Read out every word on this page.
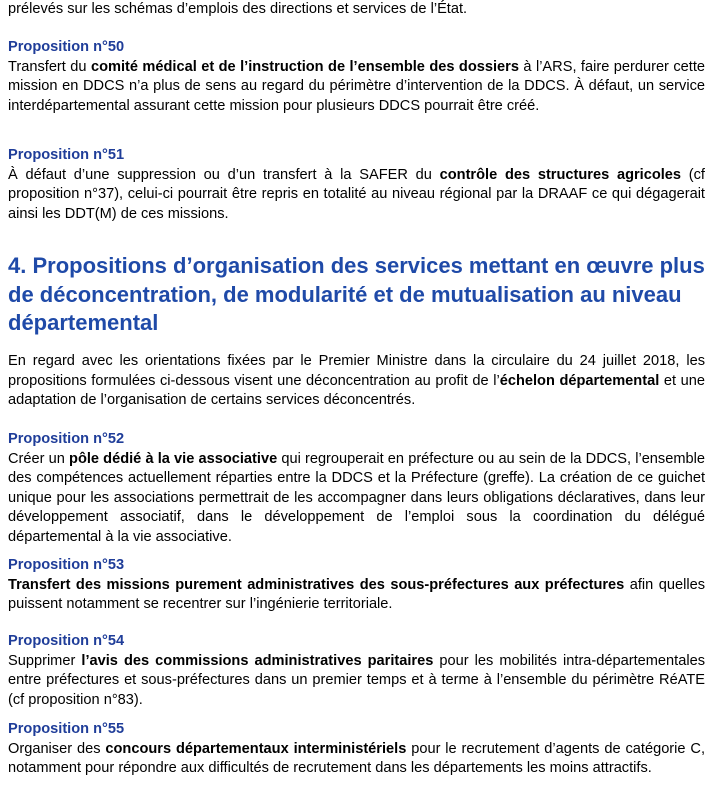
prélevés sur les schémas d’emplois des directions et services de l’État.

Proposition n°50

Transfert du comité médical et de l’instruction de l’ensemble des dossiers à l’ARS, faire perdurer cette mission en DDCS n’a plus de sens au regard du périmètre d’intervention de la DDCS. À défaut, un service interdépartemental assurant cette mission pour plusieurs DDCS pourrait être créé.

Proposition n°51

À défaut d’une suppression ou d’un transfert à la SAFER du contrôle des structures agricoles (cf proposition n°37), celui-ci pourrait être repris en totalité au niveau régional par la DRAAF ce qui dégagerait ainsi les DDT(M) de ces missions.

4. Propositions d’organisation des services mettant en œuvre plus de déconcentration, de modularité et de mutualisation au niveau départemental

En regard avec les orientations fixées par le Premier Ministre dans la circulaire du 24 juillet 2018, les propositions formulées ci-dessous visent une déconcentration au profit de l’échelon départemental et une adaptation de l’organisation de certains services déconcentrés.

Proposition n°52

Créer un pôle dédié à la vie associative qui regrouperait en préfecture ou au sein de la DDCS, l’ensemble des compétences actuellement réparties entre la DDCS et la Préfecture (greffe). La création de ce guichet unique pour les associations permettrait de les accompagner dans leurs obligations déclaratives, dans leur développement associatif, dans le développement de l’emploi sous la coordination du délégué départemental à la vie associative.

Proposition n°53

Transfert des missions purement administratives des sous-préfectures aux préfectures afin quelles puissent notamment se recentrer sur l’ingénierie territoriale.

Proposition n°54

Supprimer l’avis des commissions administratives paritaires pour les mobilités intra-départementales entre préfectures et sous-préfectures dans un premier temps et à terme à l’ensemble du périmètre RéATE (cf proposition n°83).

Proposition n°55

Organiser des concours départementaux interministériels pour le recrutement d’agents de catégorie C, notamment pour répondre aux difficultés de recrutement dans les départements les moins attractifs.
